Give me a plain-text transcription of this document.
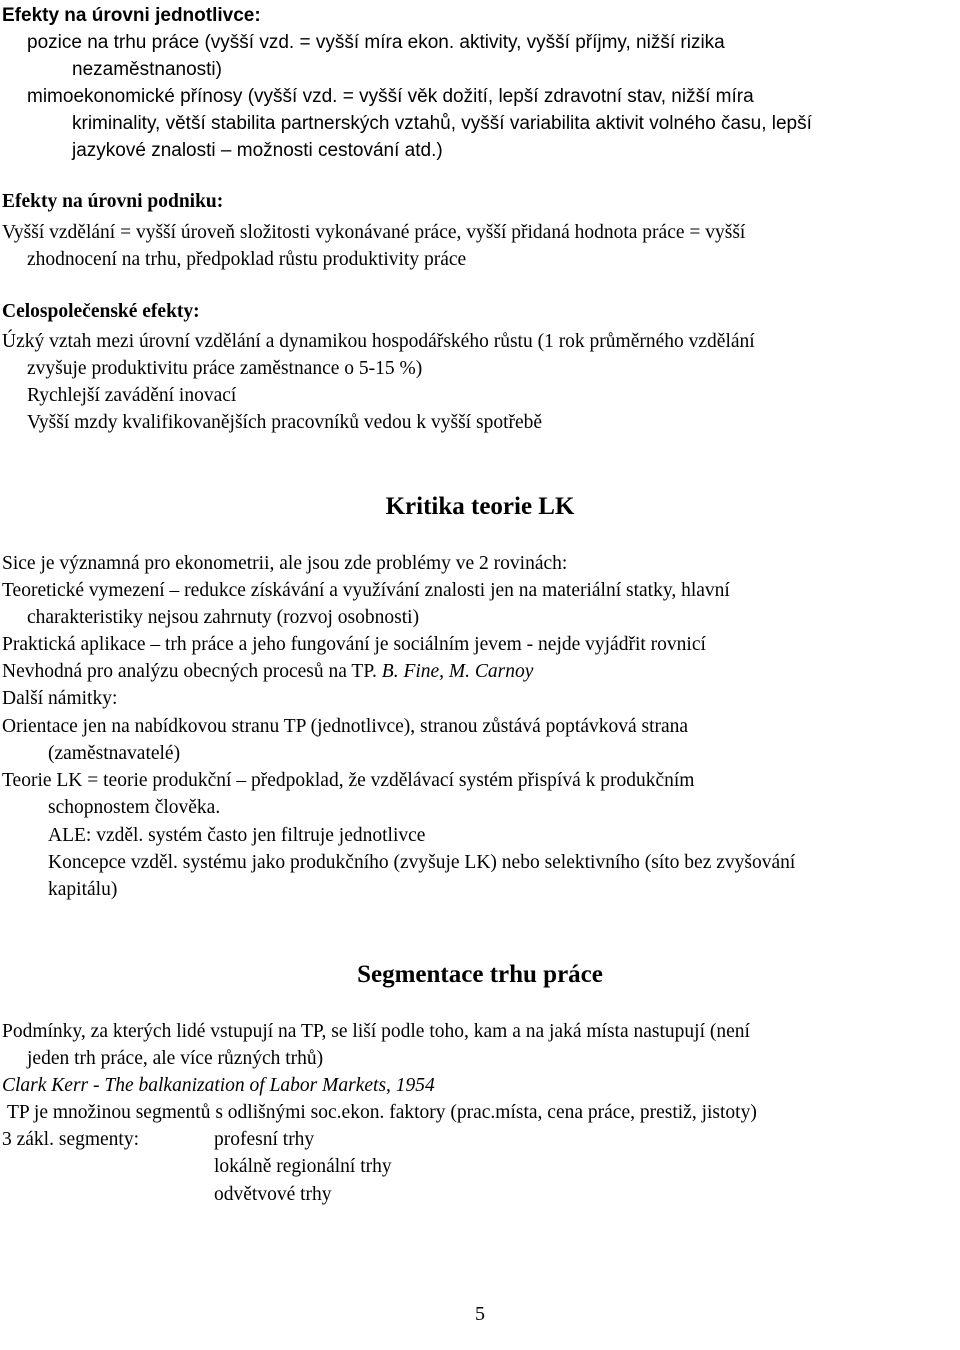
Efekty na úrovni jednotlivce:
pozice na trhu práce (vyšší vzd. = vyšší míra ekon. aktivity, vyšší příjmy, nižší rizika
nezaměstnanosti)
mimoekonomické přínosy (vyšší vzd. = vyšší věk dožití, lepší zdravotní stav, nižší míra
kriminality, větší stabilita partnerských vztahů, vyšší variabilita aktivit volného času, lepší
jazykové znalosti – možnosti cestování atd.)
Efekty na úrovni podniku:
Vyšší vzdělání = vyšší úroveň složitosti vykonávané práce, vyšší přidaná hodnota práce = vyšší
zhodnocení na trhu, předpoklad růstu produktivity práce
Celospolečenské efekty:
Úzký vztah mezi úrovní vzdělání a dynamikou hospodářského růstu (1 rok průměrného vzdělání
zvyšuje produktivitu práce zaměstnance o 5-15 %)
Rychlejší zavádění inovací
Vyšší mzdy kvalifikovanějších pracovníků vedou k vyšší spotřebě
Kritika teorie LK
Sice je významná pro ekonometrii, ale jsou zde problémy ve 2 rovinách:
Teoretické vymezení – redukce získávání a využívání znalosti jen na materiální statky, hlavní
charakteristiky nejsou zahrnuty (rozvoj osobnosti)
Praktická aplikace – trh práce a jeho fungování je sociálním jevem - nejde vyjádřit rovnicí
Nevhodná pro analýzu obecných procesů na TP. B. Fine, M. Carnoy
Další námitky:
Orientace jen na nabídkovou stranu TP (jednotlivce), stranou zůstává poptávková strana
(zaměstnavatelé)
Teorie LK = teorie produkční – předpoklad, že vzdělávací systém přispívá k produkčním
schopnostem člověka.
ALE: vzděl. systém často jen filtruje jednotlivce
Koncepce vzděl. systému jako produkčního (zvyšuje LK) nebo selektivního (síto bez zvyšování
kapitálu)
Segmentace trhu práce
Podmínky, za kterých lidé vstupují na TP, se liší podle toho, kam a na jaká místa nastupují (není
jeden trh práce, ale více různých trhů)
Clark Kerr - The balkanization of Labor Markets, 1954
TP je množinou segmentů s odlišnými soc.ekon. faktory (prac.místa, cena práce, prestiž, jistoty)
3 zákl. segmenty:	profesní trhy
lokálně regionální trhy
odvětvové trhy
5
